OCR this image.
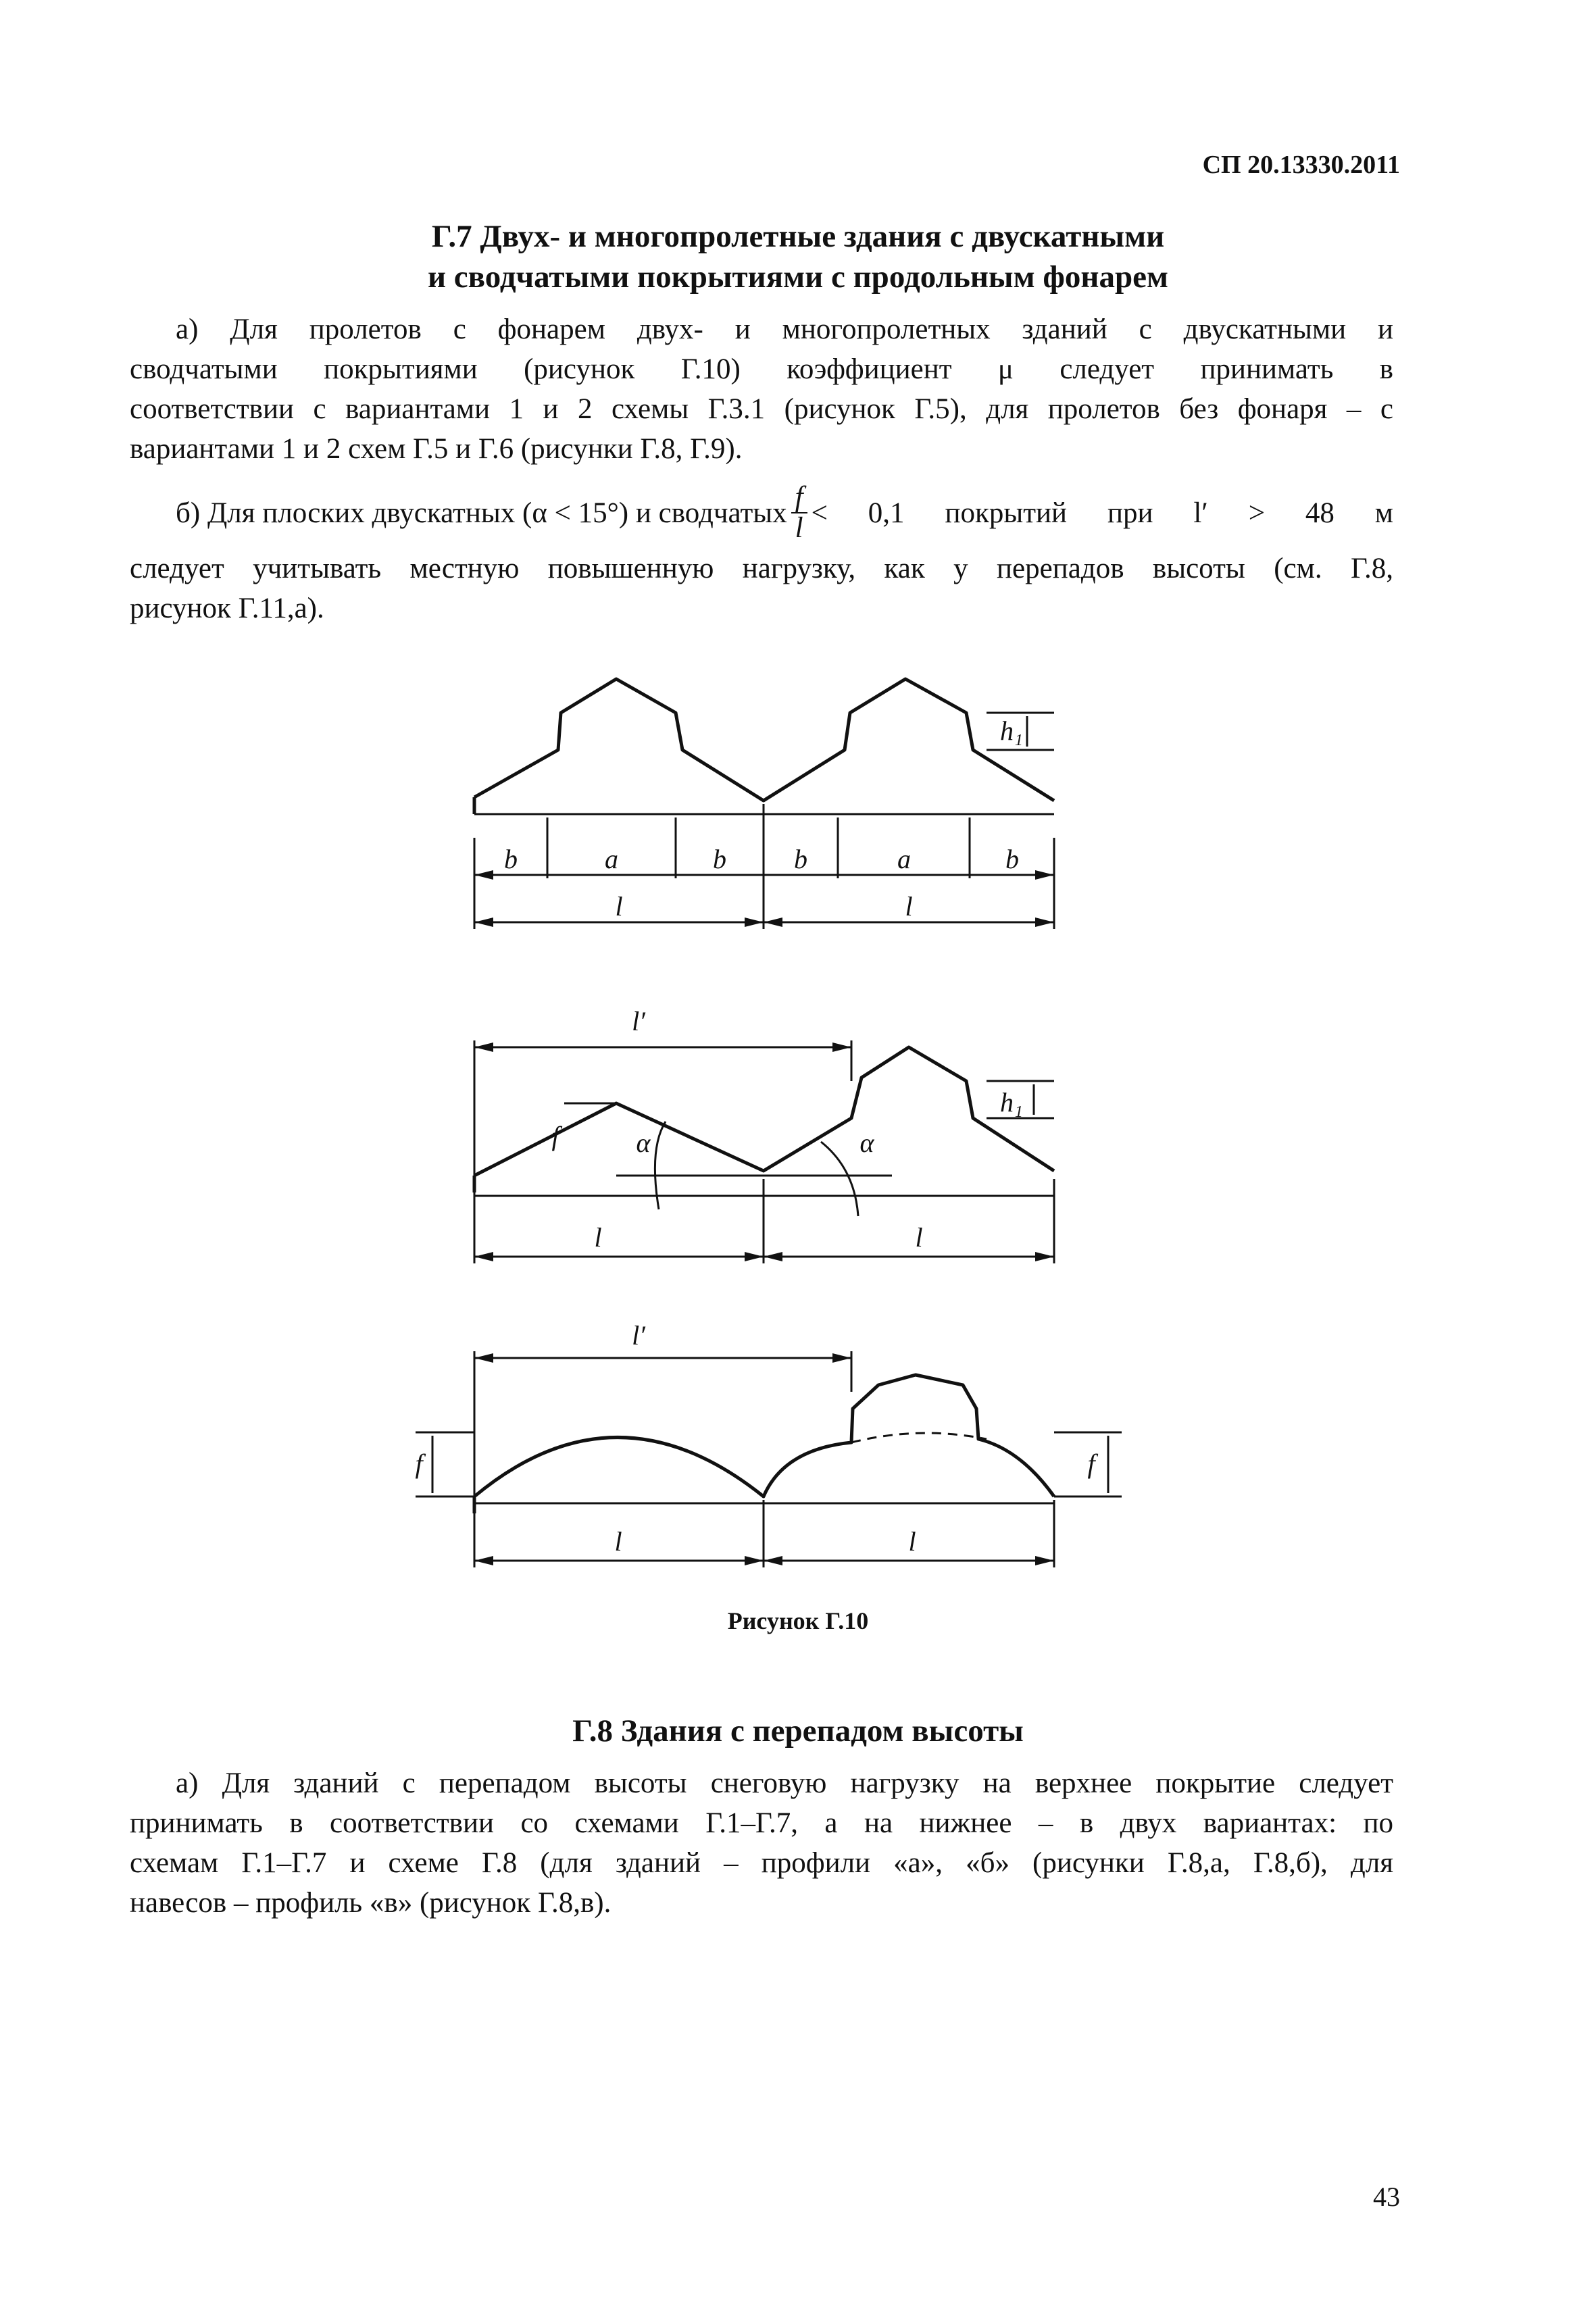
СП 20.13330.2011
Г.7 Двух- и многопролетные здания с двускатными
и сводчатыми покрытиями с продольным фонарем
а) Для пролетов с фонарем двух- и многопролетных зданий с двускатными и
сводчатыми покрытиями (рисунок Г.10) коэффициент μ следует принимать в
соответствии с вариантами 1 и 2 схемы Г.3.1 (рисунок Г.5), для пролетов без фонаря – с
вариантами 1 и 2 схем Г.5 и Г.6 (рисунки Г.8, Г.9).
б) Для плоских двускатных (α < 15°) и сводчатых $\frac{f}{l} < 0,1$ покрытий при l′ > 48 м
следует учитывать местную повышенную нагрузку, как у перепадов высоты (см. Г.8,
рисунок Г.11,а).
b	a	b	b	a	b
l	l
h₁
l′
h₁
f	α	α
l	l
l′
f	f
l	l
Рисунок Г.10
Г.8 Здания с перепадом высоты
а) Для зданий с перепадом высоты снеговую нагрузку на верхнее покрытие следует
принимать в соответствии со схемами Г.1–Г.7, а на нижнее – в двух вариантах: по
схемам Г.1–Г.7 и схеме Г.8 (для зданий – профили «а», «б» (рисунки Г.8,а, Г.8,б), для
навесов – профиль «в» (рисунок Г.8,в).
43
